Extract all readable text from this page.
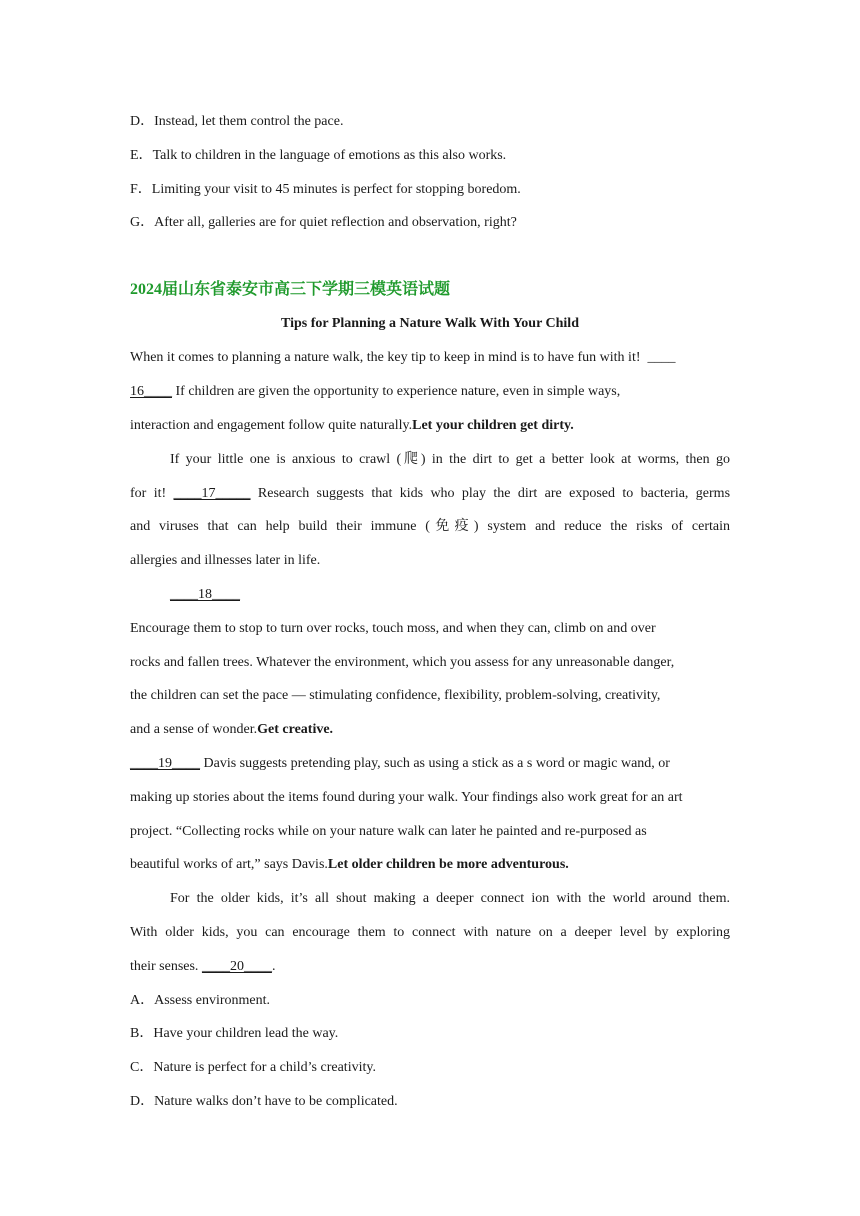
D．Instead, let them control the pace.
E．Talk to children in the language of emotions as this also works.
F．Limiting your visit to 45 minutes is perfect for stopping boredom.
G．After all, galleries are for quiet reflection and observation, right?
2024届山东省泰安市高三下学期三模英语试题
Tips for Planning a Nature Walk With Your Child
When it comes to planning a nature walk, the key tip to keep in mind is to have fun with it! ____
16____ If children are given the opportunity to experience nature, even in simple ways,
interaction and engagement follow quite naturally.Let your children get dirty.
If your little one is anxious to crawl (爬) in the dirt to get a better look at worms, then go
for it! ____17_____ Research suggests that kids who play the dirt are exposed to bacteria, germs
and viruses that can help build their immune (免疫) system and reduce the risks of certain
allergies and illnesses later in life.
____18____
Encourage them to stop to turn over rocks, touch moss, and when they can, climb on and over
rocks and fallen trees. Whatever the environment, which you assess for any unreasonable danger,
the children can set the pace — stimulating confidence, flexibility, problem-solving, creativity,
and a sense of wonder.Get creative.
____19____ Davis suggests pretending play, such as using a stick as a s word or magic wand, or
making up stories about the items found during your walk. Your findings also work great for an art
project. “Collecting rocks while on your nature walk can later he painted and re-purposed as
beautiful works of art,” says Davis.Let older children be more adventurous.
For the older kids, it’s all shout making a deeper connect ion with the world around them.
With older kids, you can encourage them to connect with nature on a deeper level by exploring
their senses. ____20____.
A．Assess environment.
B．Have your children lead the way.
C．Nature is perfect for a child’s creativity.
D．Nature walks don’t have to be complicated.
